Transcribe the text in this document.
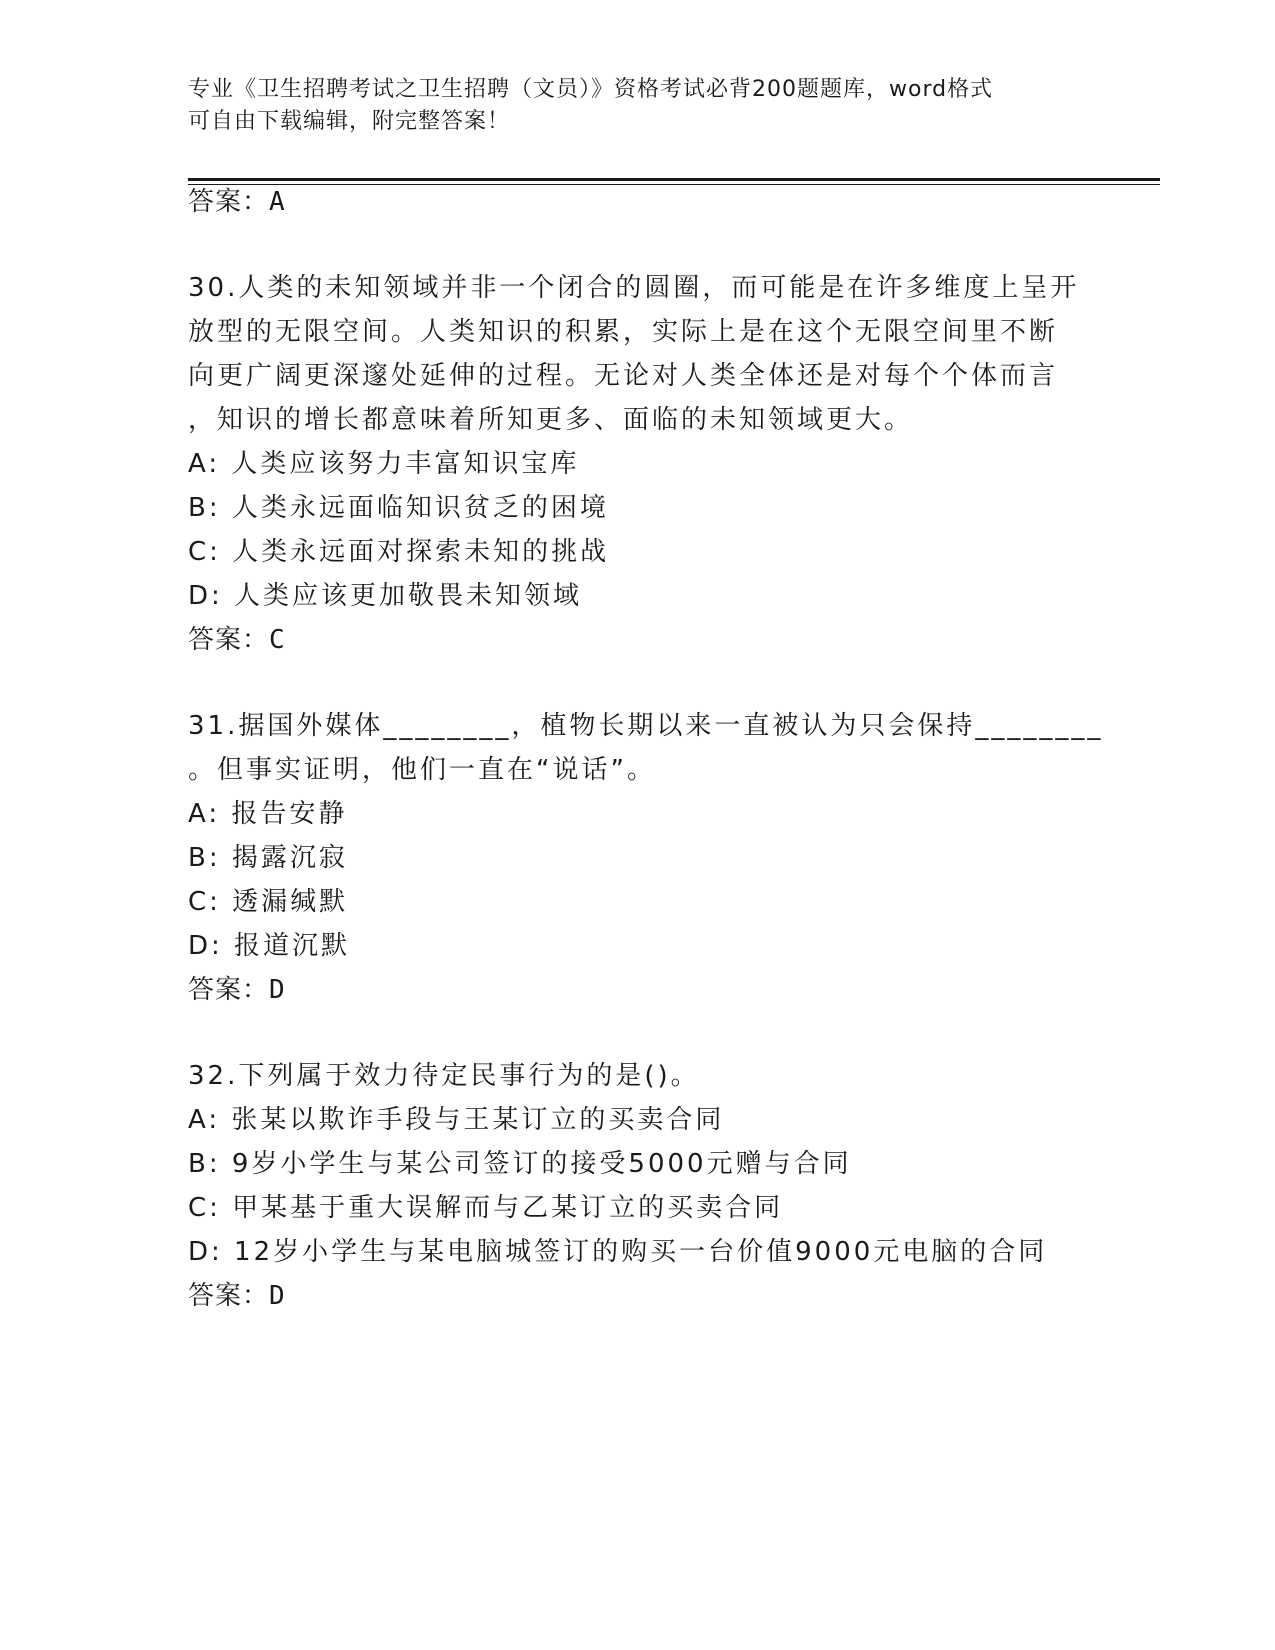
专业《卫生招聘考试之卫生招聘（文员）》资格考试必背200题题库，word格式
可自由下载编辑，附完整答案！
答案：A
30.人类的未知领域并非一个闭合的圆圈，而可能是在许多维度上呈开
放型的无限空间。人类知识的积累，实际上是在这个无限空间里不断
向更广阔更深邃处延伸的过程。无论对人类全体还是对每个个体而言
，知识的增长都意味着所知更多、面临的未知领域更大。
A: 人类应该努力丰富知识宝库
B: 人类永远面临知识贫乏的困境
C: 人类永远面对探索未知的挑战
D: 人类应该更加敬畏未知领域
答案：C
31.据国外媒体________，植物长期以来一直被认为只会保持________
。但事实证明，他们一直在“说话”。
A: 报告安静
B: 揭露沉寂
C: 透漏缄默
D: 报道沉默
答案：D
32.下列属于效力待定民事行为的是()。
A: 张某以欺诈手段与王某订立的买卖合同
B: 9岁小学生与某公司签订的接受5000元赠与合同
C: 甲某基于重大误解而与乙某订立的买卖合同
D: 12岁小学生与某电脑城签订的购买一台价值9000元电脑的合同
答案：D
